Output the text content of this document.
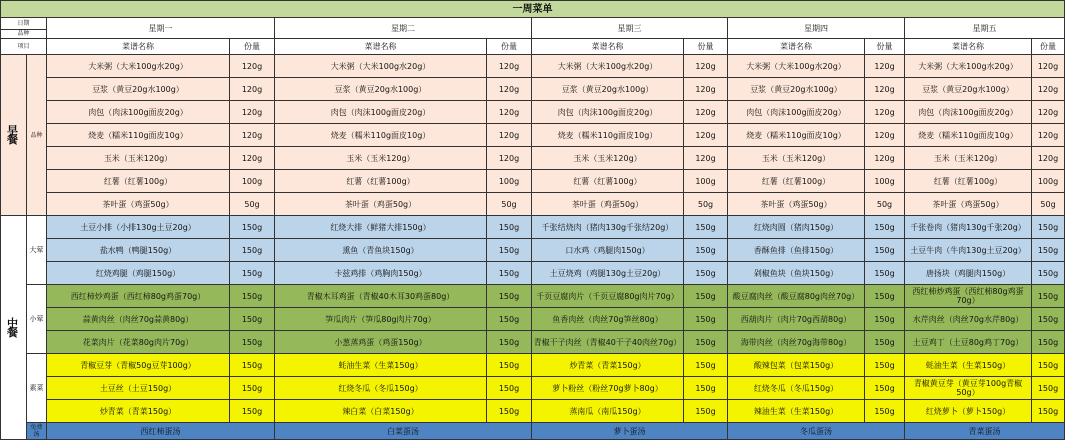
一周菜单											

日期
品种		星期一		星期二		星期三		星期四		星期五	
项目		菜谱名称	份量	菜谱名称	份量	菜谱名称	份量	菜谱名称	份量	菜谱名称	份量
早餐	品种	大米粥（大米100g水20g）	120g	大米粥（大米100g水20g）	120g	大米粥（大米100g水20g）	120g	大米粥（大米100g水20g）	120g	大米粥（大米100g水20g）	120g
		豆浆（黄豆20g水100g）	120g	豆浆（黄豆20g水100g）	120g	豆浆（黄豆20g水100g）	120g	豆浆（黄豆20g水100g）	120g	豆浆（黄豆20g水100g）	120g
		肉包（肉沫100g面皮20g）	120g	肉包（肉沫100g面皮20g）	120g	肉包（肉沫100g面皮20g）	120g	肉包（肉沫100g面皮20g）	120g	肉包（肉沫100g面皮20g）	120g
		烧麦（糯米110g面皮10g）	120g	烧麦（糯米110g面皮10g）	120g	烧麦（糯米110g面皮10g）	120g	烧麦（糯米110g面皮10g）	120g	烧麦（糯米110g面皮10g）	120g
		玉米（玉米120g）	120g	玉米（玉米120g）	120g	玉米（玉米120g）	120g	玉米（玉米120g）	120g	玉米（玉米120g）	120g
		红薯（红薯100g）	100g	红薯（红薯100g）	100g	红薯（红薯100g）	100g	红薯（红薯100g）	100g	红薯（红薯100g）	100g
		茶叶蛋（鸡蛋50g）	50g	茶叶蛋（鸡蛋50g）	50g	茶叶蛋（鸡蛋50g）	50g	茶叶蛋（鸡蛋50g）	50g	茶叶蛋（鸡蛋50g）	50g
中餐	大荤	土豆小排（小排130g土豆20g）	150g	红烧大排（鲜猪大排150g）	150g	千张结烧肉（猪肉130g千张结20g）	150g	红烧肉圆（猪肉150g）	150g	千张卷肉（猪肉130g千张20g）	150g
		盐水鸭（鸭腿150g）	150g	熏鱼（青鱼块150g）	150g	口水鸡（鸡腿肉150g）	150g	香酥鱼排（鱼排150g）	150g	土豆牛肉（牛肉130g土豆20g）	150g
		红烧鸡腿（鸡腿150g）	150g	卡兹鸡排（鸡胸肉150g）	150g	土豆烧鸡（鸡腿130g土豆20g）	150g	剁椒鱼块（鱼块150g）	150g	唐扬块（鸡腿肉150g）	150g
	小荤	西红柿炒鸡蛋（西红柿80g鸡蛋70g）	150g	青椒木耳鸡蛋（青椒40木耳30鸡蛋80g）	150g	千页豆腐肉片（千页豆腐80g肉片70g）	150g	酸豆腐肉丝（酸豆腐80g肉丝70g）	150g	西红柿炒鸡蛋（西红柿80g鸡蛋70g）	150g
		蒜黄肉丝（肉丝70g蒜黄80g）	150g	笋瓜肉片（笋瓜80g肉片70g）	150g	鱼香肉丝（肉丝70g笋丝80g）	150g	西葫肉片（肉片70g西葫80g）	150g	水芹肉丝（肉丝70g水芹80g）	150g
		花菜肉片（花菜80g肉片70g）	150g	小葱蒸鸡蛋（鸡蛋150g）	150g	青椒干子肉丝（青椒40干子40肉丝70g）	150g	海带肉丝（肉丝70g海带80g）	150g	土豆鸡丁（土豆80g鸡丁70g）	150g
	素菜	青椒豆芽（青椒50g豆芽100g）	150g	蚝油生菜（生菜150g）	150g	炒青菜（青菜150g）	150g	酸辣包菜（包菜150g）	150g	蚝油生菜（生菜150g）	150g
		土豆丝（土豆150g）	150g	红烧冬瓜（冬瓜150g）	150g	萝卜粉丝（粉丝70g萝卜80g）	150g	红烧冬瓜（冬瓜150g）	150g	青椒黄豆芽（黄豆芽100g青椒50g）	150g
		炒青菜（青菜150g）	150g	辣白菜（白菜150g）	150g	蒸南瓜（南瓜150g）	150g	辣油生菜（生菜150g）	150g	红烧萝卜（萝卜150g）	150g
	免费汤	西红柿蛋汤		白菜蛋汤		萝卜蛋汤		冬瓜蛋汤		青菜蛋汤	
